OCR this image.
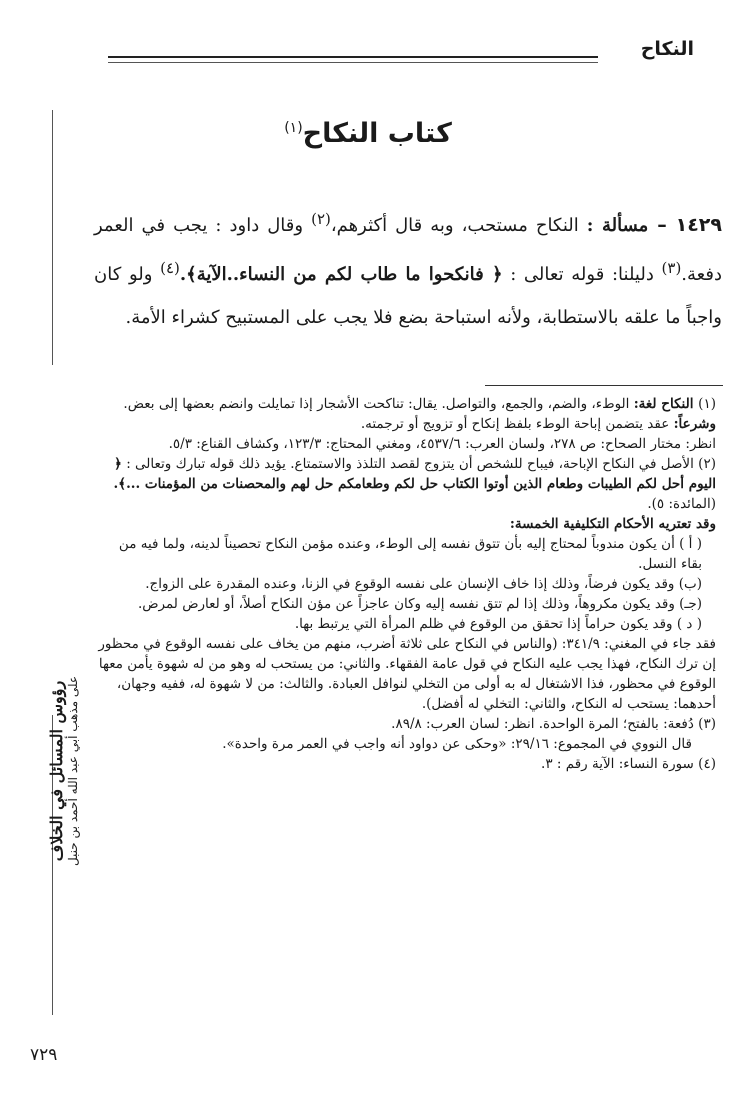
النكاح
رؤوس المسائل في الخلاف على مذهب أبي عبد الله أحمد بن حنبل
كتاب النكاح$^{(١)}$
١٤٢٩ – مسألة : النكاح مستحب، وبه قال أكثرهم،$^{(٢)}$ وقال داود : يجب في العمر دفعة.$^{(٣)}$ دليلنا: قوله تعالى : ﴿ فانكحوا ما طاب لكم من النساء..الآية﴾.$^{(٤)}$ ولو كان واجباً ما علقه بالاستطابة، ولأنه استباحة بضع فلا يجب على المستبيح كشراء الأمة.

(١) النكاح لغة: الوطء، والضم، والجمع، والتواصل. يقال: تناكحت الأشجار إذا تمايلت وانضم بعضها إلى بعض.

وشرعاً: عقد يتضمن إباحة الوطء بلفظ إنكاح أو تزويج أو ترجمته.

انظر: مختار الصحاح: ص ٢٧٨، ولسان العرب: ٤٥٣٧/٦، ومغني المحتاج: ١٢٣/٣، وكشاف القناع: ٥/٣.

(٢) الأصل في النكاح الإباحة، فيباح للشخص أن يتزوج لقصد التلذذ والاستمتاع. يؤيد ذلك قوله تبارك وتعالى : ﴿ اليوم أحل لكم الطيبات وطعام الذين أوتوا الكتاب حل لكم وطعامكم حل لهم والمحصنات من المؤمنات ...﴾. (المائدة: ٥).

وقد تعتريه الأحكام التكليفية الخمسة:

( أ ) أن يكون مندوباً لمحتاج إليه بأن تتوق نفسه إلى الوطء، وعنده مؤمن النكاح تحصيناً لدينه، ولما فيه من بقاء النسل.

(ب) وقد يكون فرضاً، وذلك إذا خاف الإنسان على نفسه الوقوع في الزنا، وعنده المقدرة على الزواج.

(جـ) وقد يكون مكروهاً، وذلك إذا لم تتق نفسه إليه وكان عاجزاً عن مؤن النكاح أصلاً، أو لعارض لمرض.

( د ) وقد يكون حراماً إذا تحقق من الوقوع في ظلم المرأة التي يرتبط بها.

فقد جاء في المغني: ٣٤١/٩: (والناس في النكاح على ثلاثة أضرب، منهم من يخاف على نفسه الوقوع في محظور إن ترك النكاح، فهذا يجب عليه النكاح في قول عامة الفقهاء. والثاني: من يستحب له وهو من له شهوة يأمن معها الوقوع في محظور، فذا الاشتغال له به أولى من التخلي لنوافل العبادة. والثالث: من لا شهوة له، ففيه وجهان، أحدهما: يستحب له النكاح، والثاني: التخلي له أفضل).

(٣) دُفعة: بالفتح؛ المرة الواحدة. انظر: لسان العرب: ٨٩/٨.

قال النووي في المجموع: ٢٩/١٦: «وحكى عن دواود أنه واجب في العمر مرة واحدة».

(٤) سورة النساء: الآية رقم : ٣.

٧٢٩
